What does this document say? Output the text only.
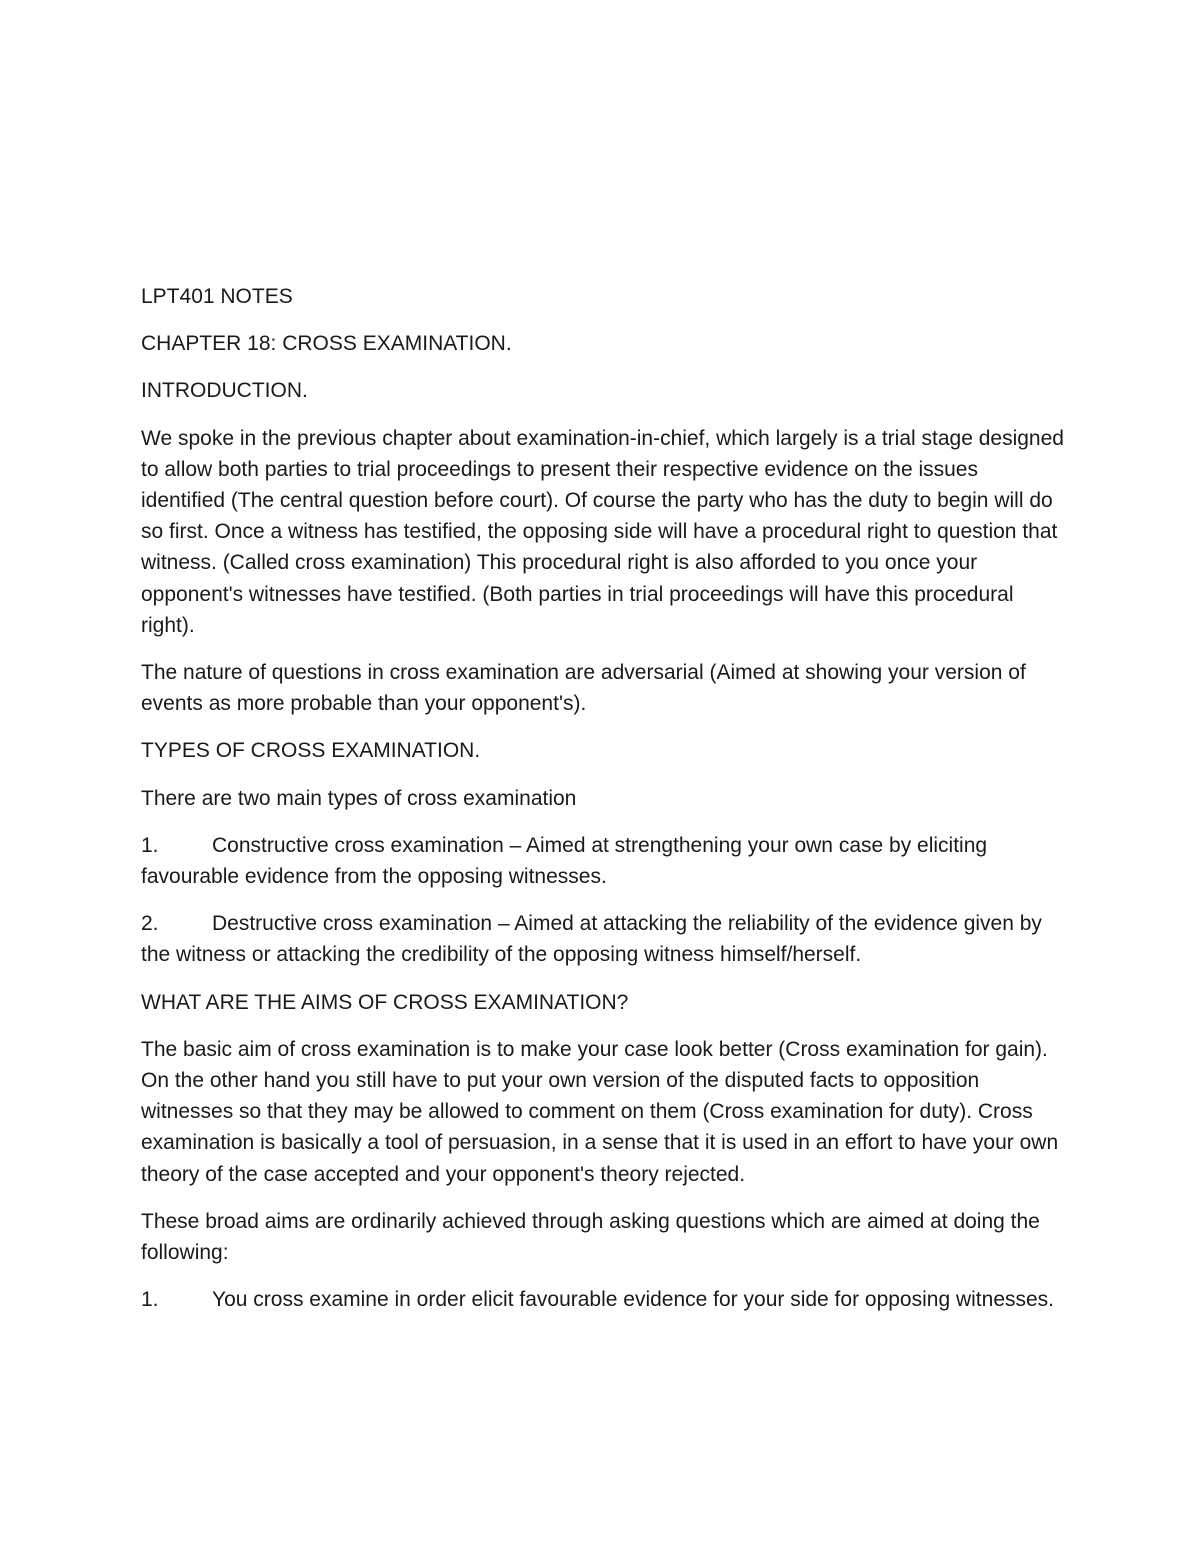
LPT401 NOTES

CHAPTER 18: CROSS EXAMINATION.

INTRODUCTION.

We spoke in the previous chapter about examination-in-chief, which largely is a trial stage designed to allow both parties to trial proceedings to present their respective evidence on the issues identified (The central question before court). Of course the party who has the duty to begin will do so first. Once a witness has testified, the opposing side will have a procedural right to question that witness. (Called cross examination) This procedural right is also afforded to you once your opponent's witnesses have testified. (Both parties in trial proceedings will have this procedural right).

The nature of questions in cross examination are adversarial (Aimed at showing your version of events as more probable than your opponent's).

TYPES OF CROSS EXAMINATION.

There are two main types of cross examination

1.	Constructive cross examination – Aimed at strengthening your own case by eliciting favourable evidence from the opposing witnesses.
2.	Destructive cross examination – Aimed at attacking the reliability of the evidence given by the witness or attacking the credibility of the opposing witness himself/herself.

WHAT ARE THE AIMS OF CROSS EXAMINATION?

The basic aim of cross examination is to make your case look better (Cross examination for gain). On the other hand you still have to put your own version of the disputed facts to opposition witnesses so that they may be allowed to comment on them (Cross examination for duty). Cross examination is basically a tool of persuasion, in a sense that it is used in an effort to have your own theory of the case accepted and your opponent's theory rejected.

These broad aims are ordinarily achieved through asking questions which are aimed at doing the following:

1.	You cross examine in order elicit favourable evidence for your side for opposing witnesses.
